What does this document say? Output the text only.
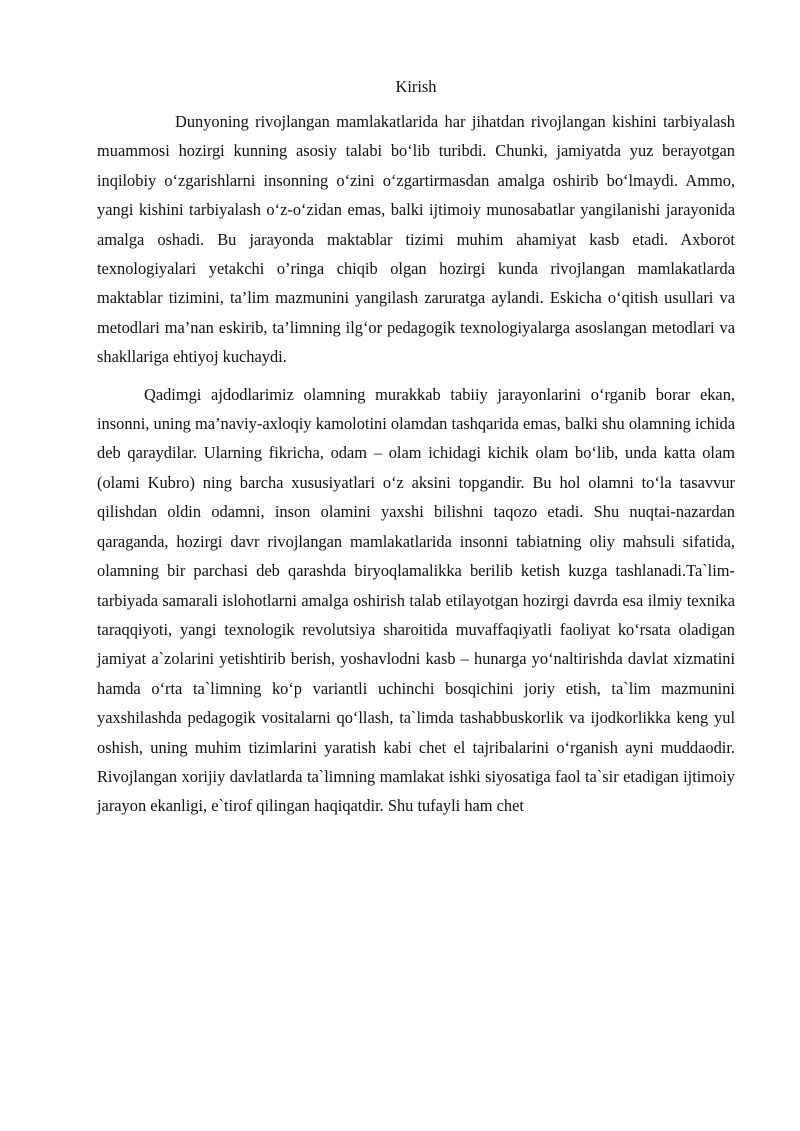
Kirish

Dunyoning rivojlangan mamlakatlarida har jihatdan rivojlangan kishini tarbiyalash muammosi hozirgi kunning asosiy talabi bo‘lib turibdi. Chunki, jamiyatda yuz berayotgan inqilobiy o‘zgarishlarni insonning o‘zini o‘zgartirmasdan amalga oshirib bo‘lmaydi. Ammo, yangi kishini tarbiyalash o‘z-o‘zidan emas, balki ijtimoiy munosabatlar yangilanishi jarayonida amalga oshadi. Bu jarayonda maktablar tizimi muhim ahamiyat kasb etadi. Axborot texnologiyalari yetakchi o’ringa chiqib olgan hozirgi kunda rivojlangan mamlakatlarda maktablar tizimini, ta’lim mazmunini yangilash zaruratga aylandi. Eskicha o‘qitish usullari va metodlari ma’nan eskirib, ta’limning ilg‘or pedagogik texnologiyalarga asoslangan metodlari va shakllariga ehtiyoj kuchaydi.

Qadimgi ajdodlarimiz olamning murakkab tabiiy jarayonlarini o‘rganib borar ekan, insonni, uning ma’naviy-axloqiy kamolotini olamdan tashqarida emas, balki shu olamning ichida deb qaraydilar. Ularning fikricha, odam – olam ichidagi kichik olam bo‘lib, unda katta olam (olami Kubro) ning barcha xususiyatlari o‘z aksini topgandir. Bu hol olamni to‘la tasavvur qilishdan oldin odamni, inson olamini yaxshi bilishni taqozo etadi. Shu nuqtai-nazardan qaraganda, hozirgi davr rivojlangan mamlakatlarida insonni tabiatning oliy mahsuli sifatida, olamning bir parchasi deb qarashda biryoqlamalikka berilib ketish kuzga tashlanadi.Ta`lim-tarbiyada samarali islohotlarni amalga oshirish talab etilayotgan hozirgi davrda esa ilmiy texnika taraqqiyoti, yangi texnologik revolutsiya sharoitida muvaffaqiyatli faoliyat ko‘rsata oladigan jamiyat a`zolarini yetishtirib berish, yoshavlodni kasb – hunarga yo‘naltirishda davlat xizmatini hamda o‘rta ta`limning ko‘p variantli uchinchi bosqichini joriy etish, ta`lim mazmunini yaxshilashda pedagogik vositalarni qo‘llash, ta`limda tashabbuskorlik va ijodkorlikka keng yul oshish, uning muhim tizimlarini yaratish kabi chet el tajribalarini o‘rganish ayni muddaodir. Rivojlangan xorijiy davlatlarda ta`limning mamlakat ishki siyosatiga faol ta`sir etadigan ijtimoiy jarayon ekanligi, e`tirof qilingan haqiqatdir. Shu tufayli ham chet
